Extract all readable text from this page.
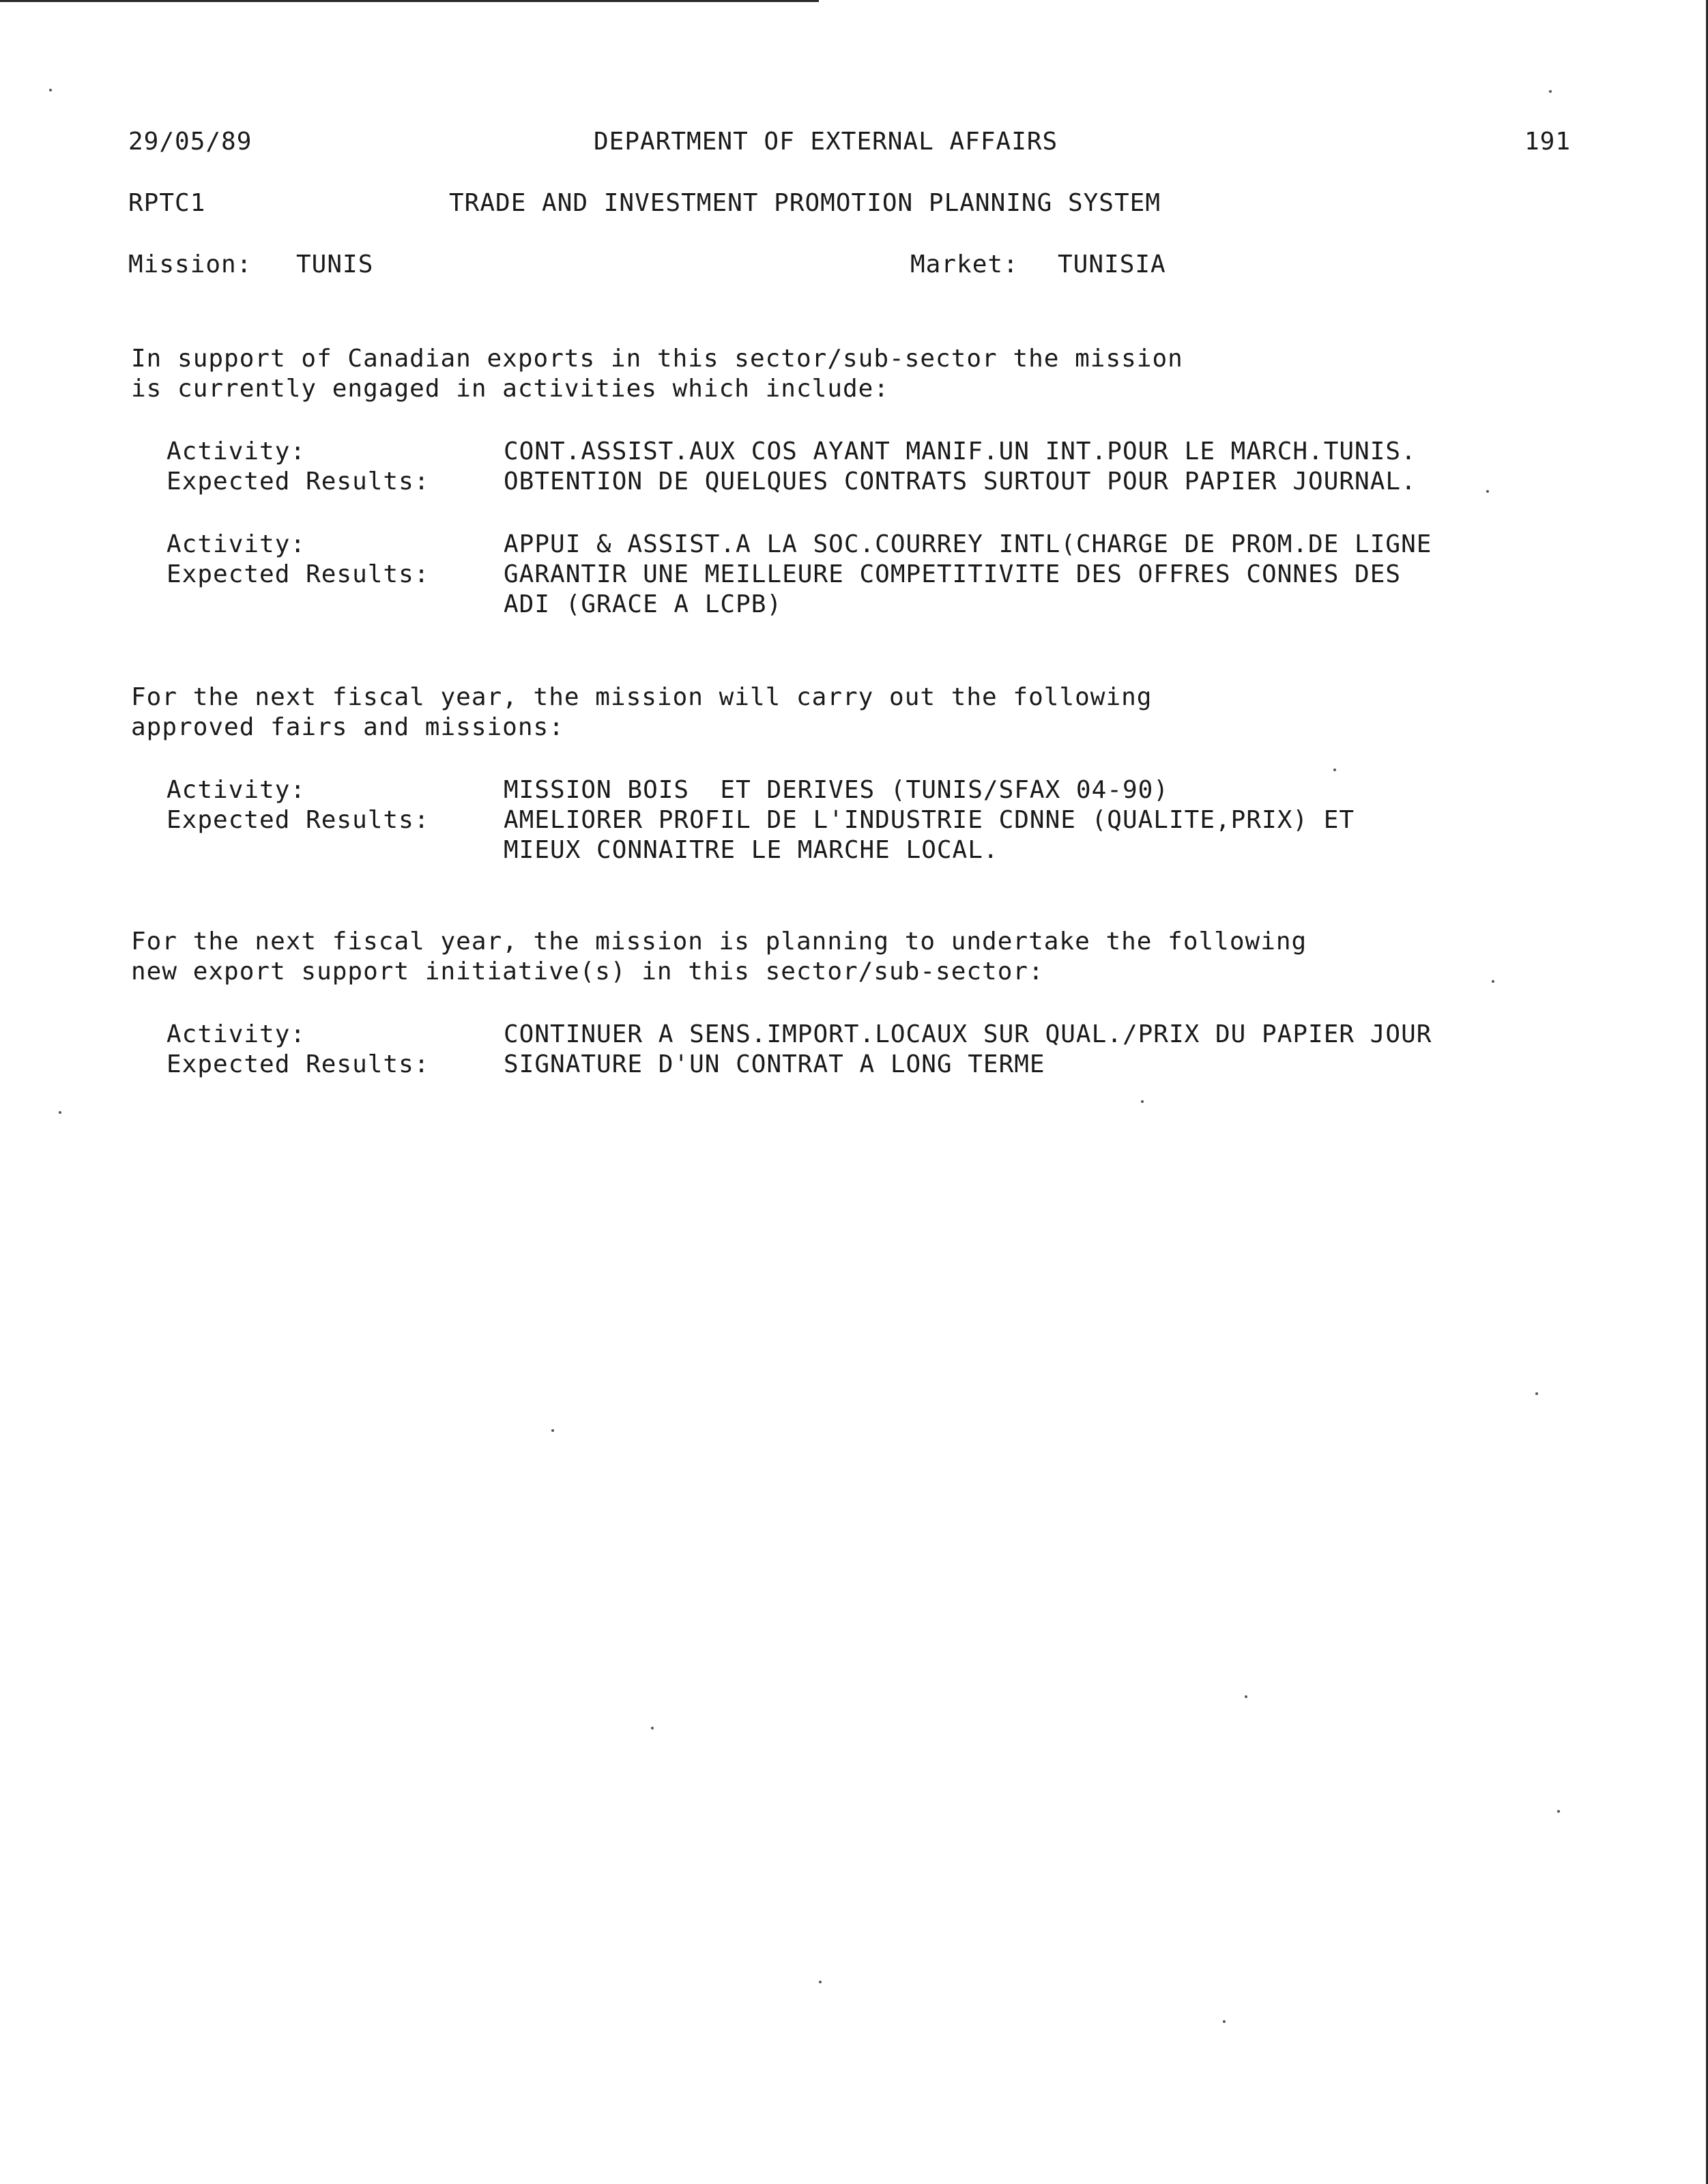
29/05/89	DEPARTMENT OF EXTERNAL AFFAIRS	191
RPTC1	TRADE AND INVESTMENT PROMOTION PLANNING SYSTEM
Mission: TUNIS	Market: TUNISIA
In support of Canadian exports in this sector/sub-sector the mission
is currently engaged in activities which include:
Activity:	CONT.ASSIST.AUX COS AYANT MANIF.UN INT.POUR LE MARCH.TUNIS.
Expected Results:	OBTENTION DE QUELQUES CONTRATS SURTOUT POUR PAPIER JOURNAL.
Activity:	APPUI & ASSIST.A LA SOC.COURREY INTL(CHARGE DE PROM.DE LIGNE
Expected Results:	GARANTIR UNE MEILLEURE COMPETITIVITE DES OFFRES CONNES DES
ADI (GRACE A LCPB)
For the next fiscal year, the mission will carry out the following
approved fairs and missions:
Activity:	MISSION BOIS  ET DERIVES (TUNIS/SFAX 04-90)
Expected Results:	AMELIORER PROFIL DE L'INDUSTRIE CDNNE (QUALITE,PRIX) ET
MIEUX CONNAITRE LE MARCHE LOCAL.
For the next fiscal year, the mission is planning to undertake the following
new export support initiative(s) in this sector/sub-sector:
Activity:	CONTINUER A SENS.IMPORT.LOCAUX SUR QUAL./PRIX DU PAPIER JOUR
Expected Results:	SIGNATURE D'UN CONTRAT A LONG TERME
